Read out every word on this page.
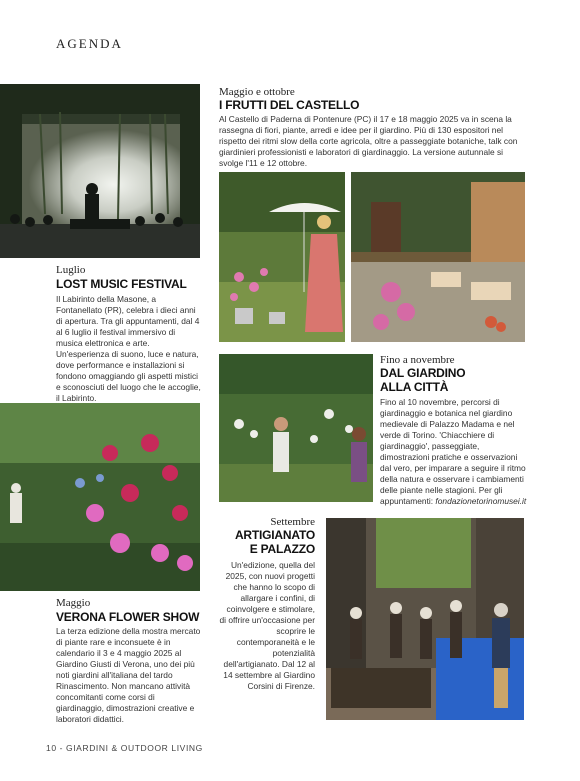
AGENDA
Luglio
LOST MUSIC FESTIVAL
Il Labirinto della Masone, a Fontanellato (PR), celebra i dieci anni di apertura. Tra gli appuntamenti, dal 4 al 6 luglio il festival immersivo di musica elettronica e arte. Un'esperienza di suono, luce e natura, dove performance e installazioni si fondono omaggiando gli aspetti mistici e sconosciuti del luogo che le accoglie, il Labirinto.
Maggio e ottobre
I FRUTTI DEL CASTELLO
Al Castello di Paderna di Pontenure (PC) il 17 e 18 maggio 2025 va in scena la rassegna di fiori, piante, arredi e idee per il giardino. Più di 130 espositori nel rispetto dei ritmi slow della corte agricola, oltre a passeggiate botaniche, talk con giardinieri professionisti e laboratori di giardinaggio. La versione autunnale si svolge l'11 e 12 ottobre.
Fino a novembre
DAL GIARDINO
ALLA CITTÀ
Fino al 10 novembre, percorsi di giardinaggio e botanica nel giardino medievale di Palazzo Madama e nel verde di Torino. 'Chiacchiere di giardinaggio', passeggiate, dimostrazioni pratiche e osservazioni dal vero, per imparare a seguire il ritmo della natura e osservare i cambiamenti delle piante nelle stagioni. Per gli appuntamenti: fondazionetorinomusei.it
Maggio
VERONA FLOWER SHOW
La terza edizione della mostra mercato di piante rare e inconsuete è in calendario il 3 e 4 maggio 2025 al Giardino Giusti di Verona, uno dei più noti giardini all'italiana del tardo Rinascimento. Non mancano attività concomitanti come corsi di giardinaggio, dimostrazioni creative e laboratori didattici.
Settembre
ARTIGIANATO
E PALAZZO
Un'edizione, quella del 2025, con nuovi progetti che hanno lo scopo di allargare i confini, di coinvolgere e stimolare, di offrire un'occasione per scoprire le contemporaneità e le potenzialità dell'artigianato. Dal 12 al 14 settembre al Giardino Corsini di Firenze.
10 - GIARDINI & OUTDOOR LIVING
